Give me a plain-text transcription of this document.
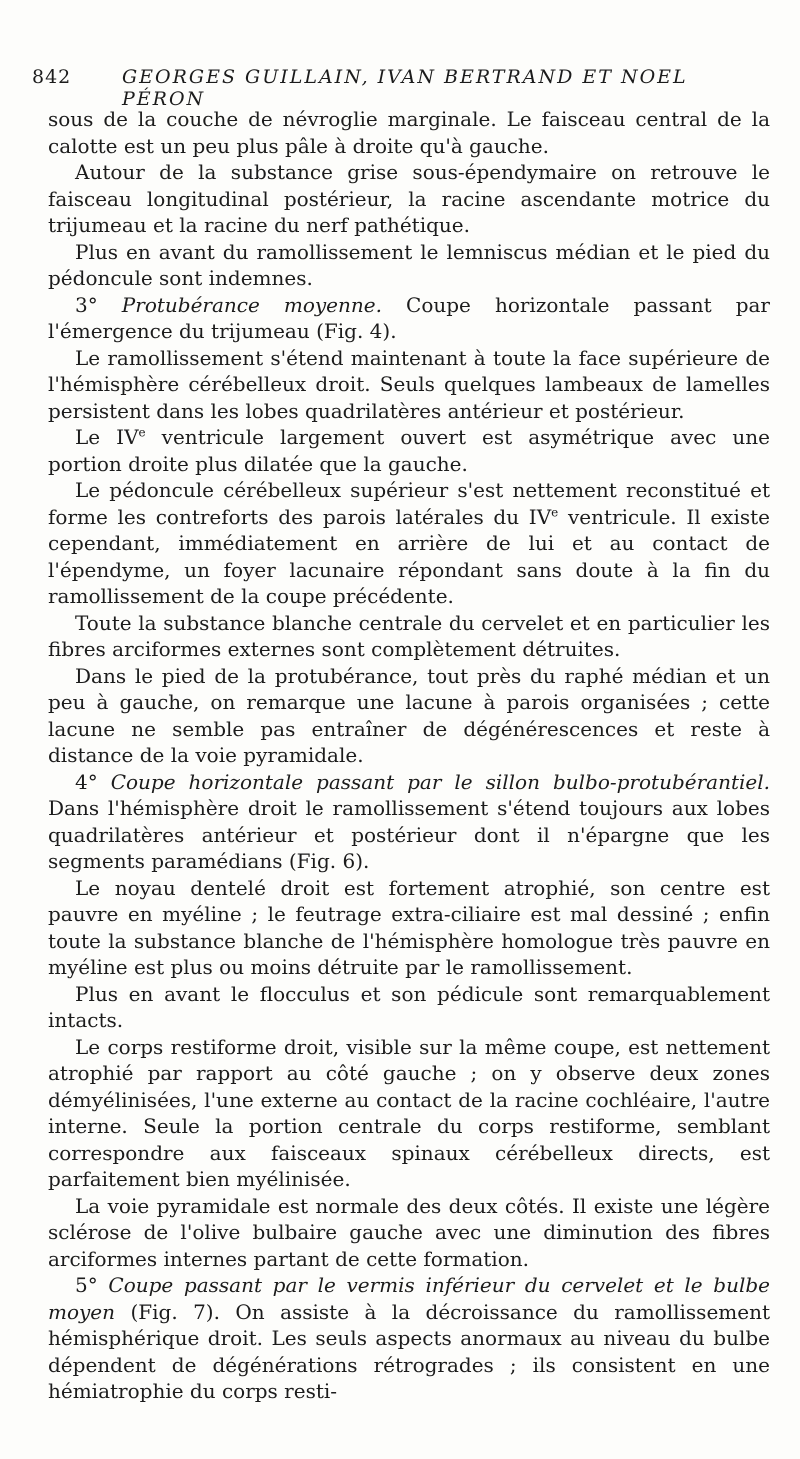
842	GEORGES GUILLAIN, IVAN BERTRAND ET NOEL PÉRON

sous de la couche de névroglie marginale. Le faisceau central de la calotte est un peu plus pâle à droite qu'à gauche.

Autour de la substance grise sous-épendymaire on retrouve le faisceau longitudinal postérieur, la racine ascendante motrice du trijumeau et la racine du nerf pathétique.

Plus en avant du ramollissement le lemniscus médian et le pied du pédoncule sont indemnes.

3° Protubérance moyenne. Coupe horizontale passant par l'émergence du trijumeau (Fig. 4).

Le ramollissement s'étend maintenant à toute la face supérieure de l'hémisphère cérébelleux droit. Seuls quelques lambeaux de lamelles persistent dans les lobes quadrilatères antérieur et postérieur.

Le IVe ventricule largement ouvert est asymétrique avec une portion droite plus dilatée que la gauche.

Le pédoncule cérébelleux supérieur s'est nettement reconstitué et forme les contreforts des parois latérales du IVe ventricule. Il existe cependant, immédiatement en arrière de lui et au contact de l'épendyme, un foyer lacunaire répondant sans doute à la fin du ramollissement de la coupe précédente.

Toute la substance blanche centrale du cervelet et en particulier les fibres arciformes externes sont complètement détruites.

Dans le pied de la protubérance, tout près du raphé médian et un peu à gauche, on remarque une lacune à parois organisées ; cette lacune ne semble pas entraîner de dégénérescences et reste à distance de la voie pyramidale.

4° Coupe horizontale passant par le sillon bulbo-protubérantiel. Dans l'hémisphère droit le ramollissement s'étend toujours aux lobes quadrilatères antérieur et postérieur dont il n'épargne que les segments paramédians (Fig. 6).

Le noyau dentelé droit est fortement atrophié, son centre est pauvre en myéline ; le feutrage extra-ciliaire est mal dessiné ; enfin toute la substance blanche de l'hémisphère homologue très pauvre en myéline est plus ou moins détruite par le ramollissement.

Plus en avant le flocculus et son pédicule sont remarquablement intacts.

Le corps restiforme droit, visible sur la même coupe, est nettement atrophié par rapport au côté gauche ; on y observe deux zones démyélinisées, l'une externe au contact de la racine cochléaire, l'autre interne. Seule la portion centrale du corps restiforme, semblant correspondre aux faisceaux spinaux cérébelleux directs, est parfaitement bien myélinisée.

La voie pyramidale est normale des deux côtés. Il existe une légère sclérose de l'olive bulbaire gauche avec une diminution des fibres arciformes internes partant de cette formation.

5° Coupe passant par le vermis inférieur du cervelet et le bulbe moyen (Fig. 7). On assiste à la décroissance du ramollissement hémisphérique droit. Les seuls aspects anormaux au niveau du bulbe dépendent de dégénérations rétrogrades ; ils consistent en une hémiatrophie du corps resti-
